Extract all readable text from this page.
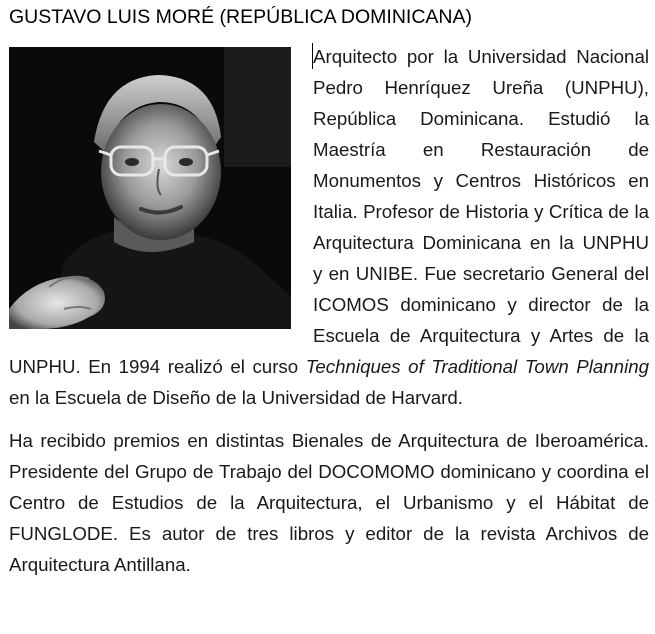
GUSTAVO LUIS MORÉ (REPÚBLICA DOMINICANA)

Arquitecto por la Universidad Nacional Pedro Henríquez Ureña (UNPHU), República Dominicana. Estudió la Maestría en Restauración de Monumentos y Centros Históricos en Italia. Profesor de Historia y Crítica de la Arquitectura Dominicana en la UNPHU y en UNIBE. Fue secretario General del ICOMOS dominicano y director de la Escuela de Arquitectura y Artes de la UNPHU. En 1994 realizó el curso Techniques of Traditional Town Planning en la Escuela de Diseño de la Universidad de Harvard.

Ha recibido premios en distintas Bienales de Arquitectura de Iberoamérica. Presidente del Grupo de Trabajo del DOCOMOMO dominicano y coordina el Centro de Estudios de la Arquitectura, el Urbanismo y el Hábitat de FUNGLODE. Es autor de tres libros y editor de la revista Archivos de Arquitectura Antillana.
